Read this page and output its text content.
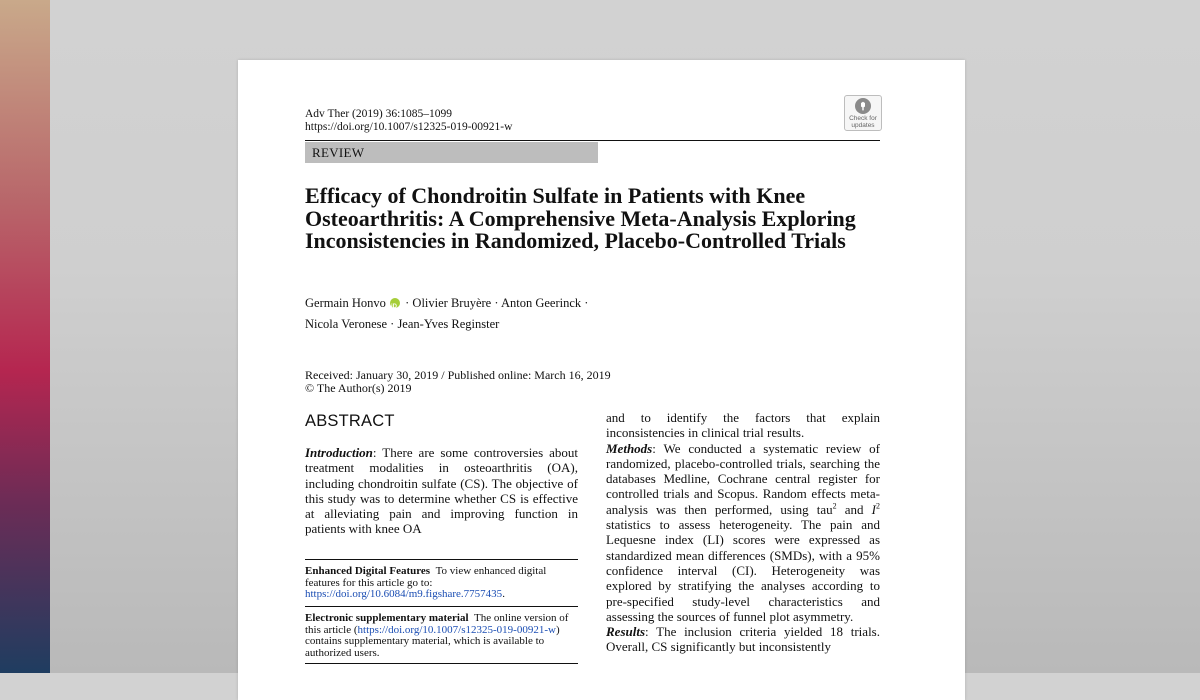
Adv Ther (2019) 36:1085–1099
https://doi.org/10.1007/s12325-019-00921-w
Check for
updates
REVIEW
Efficacy of Chondroitin Sulfate in Patients with Knee Osteoarthritis: A Comprehensive Meta-Analysis Exploring Inconsistencies in Randomized, Placebo-Controlled Trials
Germain Honvo iD · Olivier Bruyère · Anton Geerinck ·
Nicola Veronese · Jean-Yves Reginster
Received: January 30, 2019 / Published online: March 16, 2019
© The Author(s) 2019
ABSTRACT

Introduction: There are some controversies about treatment modalities in osteoarthritis (OA), including chondroitin sulfate (CS). The objective of this study was to determine whether CS is effective at alleviating pain and improving function in patients with knee OA

Enhanced Digital Features To view enhanced digital features for this article go to: https://doi.org/10.6084/m9.figshare.7757435.
Electronic supplementary material The online version of this article (https://doi.org/10.1007/s12325-019-00921-w) contains supplementary material, which is available to authorized users.

and to identify the factors that explain inconsistencies in clinical trial results.

Methods: We conducted a systematic review of randomized, placebo-controlled trials, searching the databases Medline, Cochrane central register for controlled trials and Scopus. Random effects meta-analysis was then performed, using tau$^2$ and $I^2$ statistics to assess heterogeneity. The pain and Lequesne index (LI) scores were expressed as standardized mean differences (SMDs), with a 95% confidence interval (CI). Heterogeneity was explored by stratifying the analyses according to pre-specified study-level characteristics and assessing the sources of funnel plot asymmetry.

Results: The inclusion criteria yielded 18 trials. Overall, CS significantly but inconsistently
